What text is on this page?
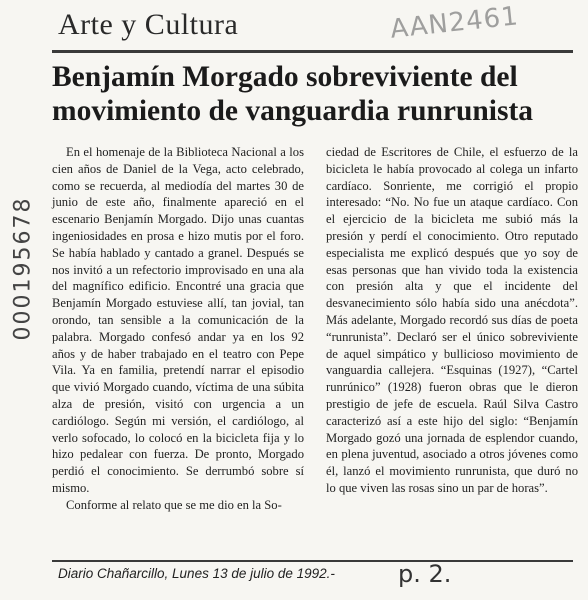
Arte y Cultura	AAN2461
Benjamín Morgado sobreviviente del movimiento de vanguardia runrunista
000195678

En el homenaje de la Biblioteca Nacional a los cien años de Daniel de la Vega, acto celebrado, como se recuerda, al mediodía del martes 30 de junio de este año, finalmente apareció en el escenario Benjamín Morgado. Dijo unas cuantas ingeniosidades en prosa e hizo mutis por el foro. Se había hablado y cantado a granel. Después se nos invitó a un refectorio improvisado en una ala del magnífico edificio. Encontré una gracia que Benjamín Morgado estuviese allí, tan jovial, tan orondo, tan sensible a la comunicación de la palabra. Morgado confesó andar ya en los 92 años y de haber trabajado en el teatro con Pepe Vila. Ya en familia, pretendí narrar el episodio que vivió Morgado cuando, víctima de una súbita alza de presión, visitó con urgencia a un cardiólogo. Según mi versión, el cardiólogo, al verlo sofocado, lo colocó en la bicicleta fija y lo hizo pedalear con fuerza. De pronto, Morgado perdió el conocimiento. Se derrumbó sobre sí mismo.

Conforme al relato que se me dio en la So-

ciedad de Escritores de Chile, el esfuerzo de la bicicleta le había provocado al colega un infarto cardíaco. Sonriente, me corrigió el propio interesado: “No. No fue un ataque cardíaco. Con el ejercicio de la bicicleta me subió más la presión y perdí el conocimiento. Otro reputado especialista me explicó después que yo soy de esas personas que han vivido toda la existencia con presión alta y que el incidente del desvanecimiento sólo había sido una anécdota”. Más adelante, Morgado recordó sus días de poeta “runrunista”. Declaró ser el único sobreviviente de aquel simpático y bullicioso movimiento de vanguardia callejera. “Esquinas (1927), “Cartel runrúnico” (1928) fueron obras que le dieron prestigio de jefe de escuela. Raúl Silva Castro caracterizó así a este hijo del siglo: “Benjamín Morgado gozó una jornada de esplendor cuando, en plena juventud, asociado a otros jóvenes como él, lanzó el movimiento runrunista, que duró no lo que viven las rosas sino un par de horas”.

Diario Chañarcillo, Lunes 13 de julio de 1992.-	p. 2.
